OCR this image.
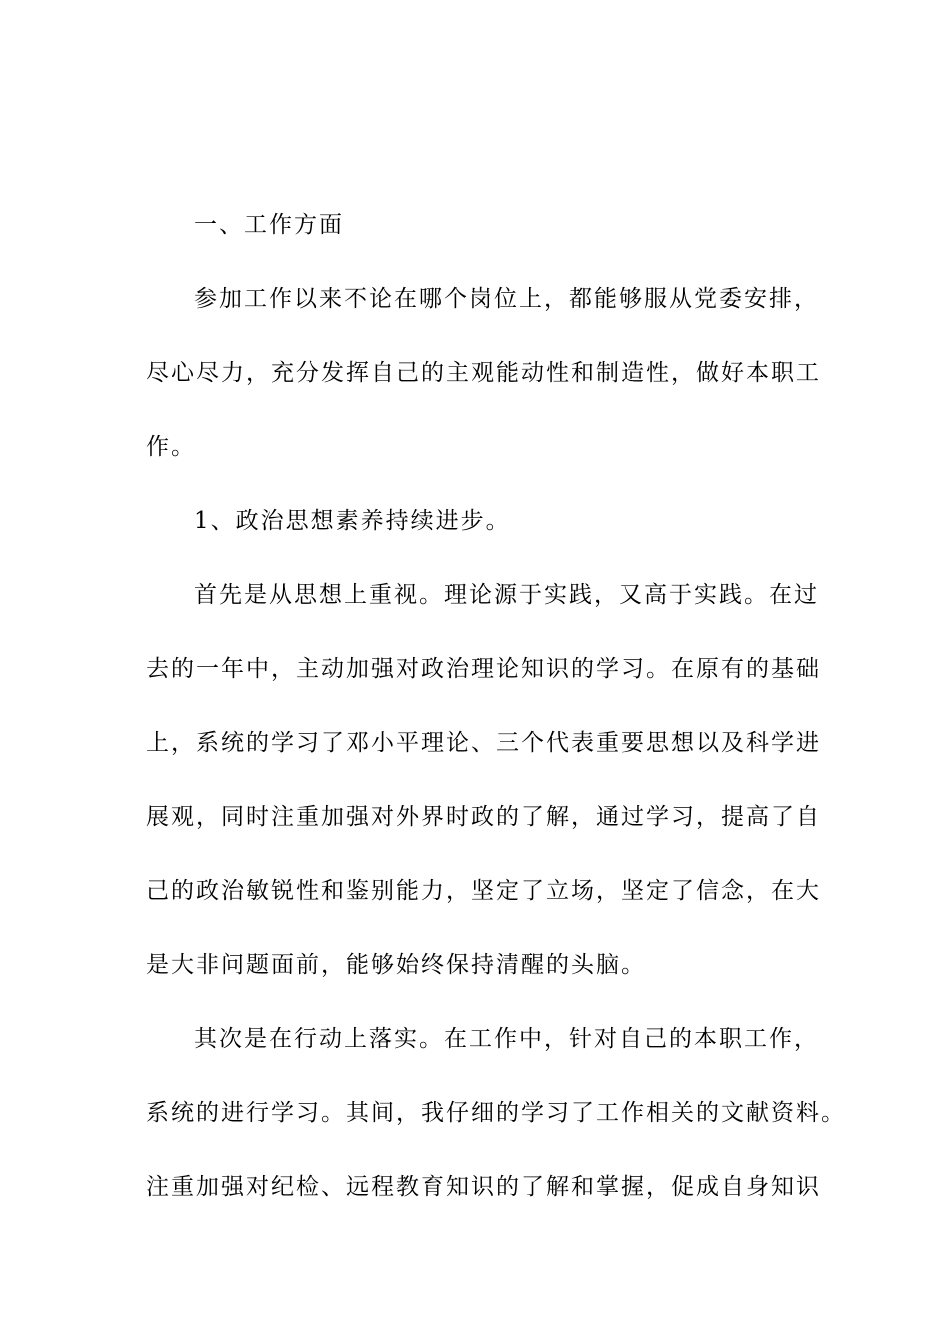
一、工作方面
参加工作以来不论在哪个岗位上，都能够服从党委安排，
尽心尽力，充分发挥自己的主观能动性和制造性，做好本职工
作。
1、政治思想素养持续进步。
首先是从思想上重视。理论源于实践，又高于实践。在过
去的一年中，主动加强对政治理论知识的学习。在原有的基础
上，系统的学习了邓小平理论、三个代表重要思想以及科学进
展观，同时注重加强对外界时政的了解，通过学习，提高了自
己的政治敏锐性和鉴别能力，坚定了立场，坚定了信念，在大
是大非问题面前，能够始终保持清醒的头脑。
其次是在行动上落实。在工作中，针对自己的本职工作，
系统的进行学习。其间，我仔细的学习了工作相关的文献资料。
注重加强对纪检、远程教育知识的了解和掌握，促成自身知识
